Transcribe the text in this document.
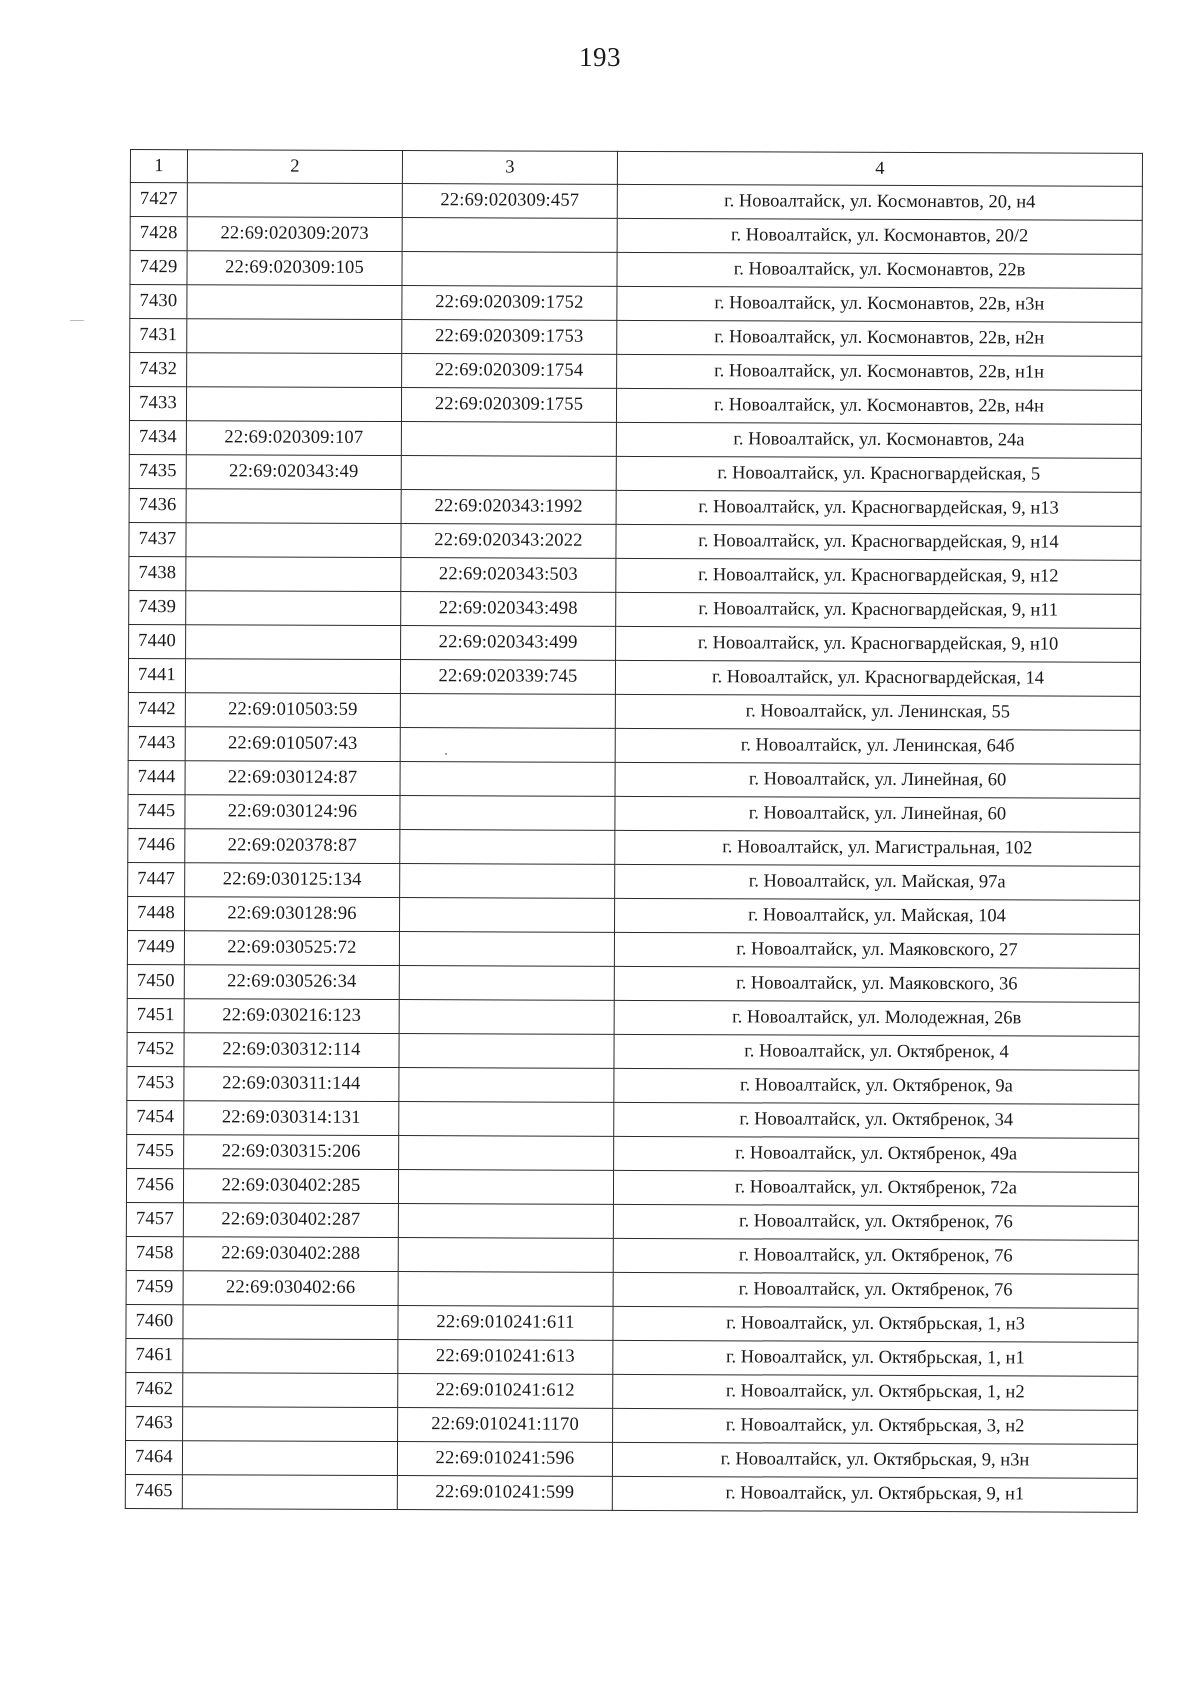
193
1	2	3	4
7427		22:69:020309:457	г. Новоалтайск, ул. Космонавтов, 20, н4
7428	22:69:020309:2073		г. Новоалтайск, ул. Космонавтов, 20/2
7429	22:69:020309:105		г. Новоалтайск, ул. Космонавтов, 22в
7430		22:69:020309:1752	г. Новоалтайск, ул. Космонавтов, 22в, н3н
7431		22:69:020309:1753	г. Новоалтайск, ул. Космонавтов, 22в, н2н
7432		22:69:020309:1754	г. Новоалтайск, ул. Космонавтов, 22в, н1н
7433		22:69:020309:1755	г. Новоалтайск, ул. Космонавтов, 22в, н4н
7434	22:69:020309:107		г. Новоалтайск, ул. Космонавтов, 24а
7435	22:69:020343:49		г. Новоалтайск, ул. Красногвардейская, 5
7436		22:69:020343:1992	г. Новоалтайск, ул. Красногвардейская, 9, н13
7437		22:69:020343:2022	г. Новоалтайск, ул. Красногвардейская, 9, н14
7438		22:69:020343:503	г. Новоалтайск, ул. Красногвардейская, 9, н12
7439		22:69:020343:498	г. Новоалтайск, ул. Красногвардейская, 9, н11
7440		22:69:020343:499	г. Новоалтайск, ул. Красногвардейская, 9, н10
7441		22:69:020339:745	г. Новоалтайск, ул. Красногвардейская, 14
7442	22:69:010503:59		г. Новоалтайск, ул. Ленинская, 55
7443	22:69:010507:43		г. Новоалтайск, ул. Ленинская, 64б
7444	22:69:030124:87		г. Новоалтайск, ул. Линейная, 60
7445	22:69:030124:96		г. Новоалтайск, ул. Линейная, 60
7446	22:69:020378:87		г. Новоалтайск, ул. Магистральная, 102
7447	22:69:030125:134		г. Новоалтайск, ул. Майская, 97а
7448	22:69:030128:96		г. Новоалтайск, ул. Майская, 104
7449	22:69:030525:72		г. Новоалтайск, ул. Маяковского, 27
7450	22:69:030526:34		г. Новоалтайск, ул. Маяковского, 36
7451	22:69:030216:123		г. Новоалтайск, ул. Молодежная, 26в
7452	22:69:030312:114		г. Новоалтайск, ул. Октябренок, 4
7453	22:69:030311:144		г. Новоалтайск, ул. Октябренок, 9а
7454	22:69:030314:131		г. Новоалтайск, ул. Октябренок, 34
7455	22:69:030315:206		г. Новоалтайск, ул. Октябренок, 49а
7456	22:69:030402:285		г. Новоалтайск, ул. Октябренок, 72а
7457	22:69:030402:287		г. Новоалтайск, ул. Октябренок, 76
7458	22:69:030402:288		г. Новоалтайск, ул. Октябренок, 76
7459	22:69:030402:66		г. Новоалтайск, ул. Октябренок, 76
7460		22:69:010241:611	г. Новоалтайск, ул. Октябрьская, 1, н3
7461		22:69:010241:613	г. Новоалтайск, ул. Октябрьская, 1, н1
7462		22:69:010241:612	г. Новоалтайск, ул. Октябрьская, 1, н2
7463		22:69:010241:1170	г. Новоалтайск, ул. Октябрьская, 3, н2
7464		22:69:010241:596	г. Новоалтайск, ул. Октябрьская, 9, н3н
7465		22:69:010241:599	г. Новоалтайск, ул. Октябрьская, 9, н1
